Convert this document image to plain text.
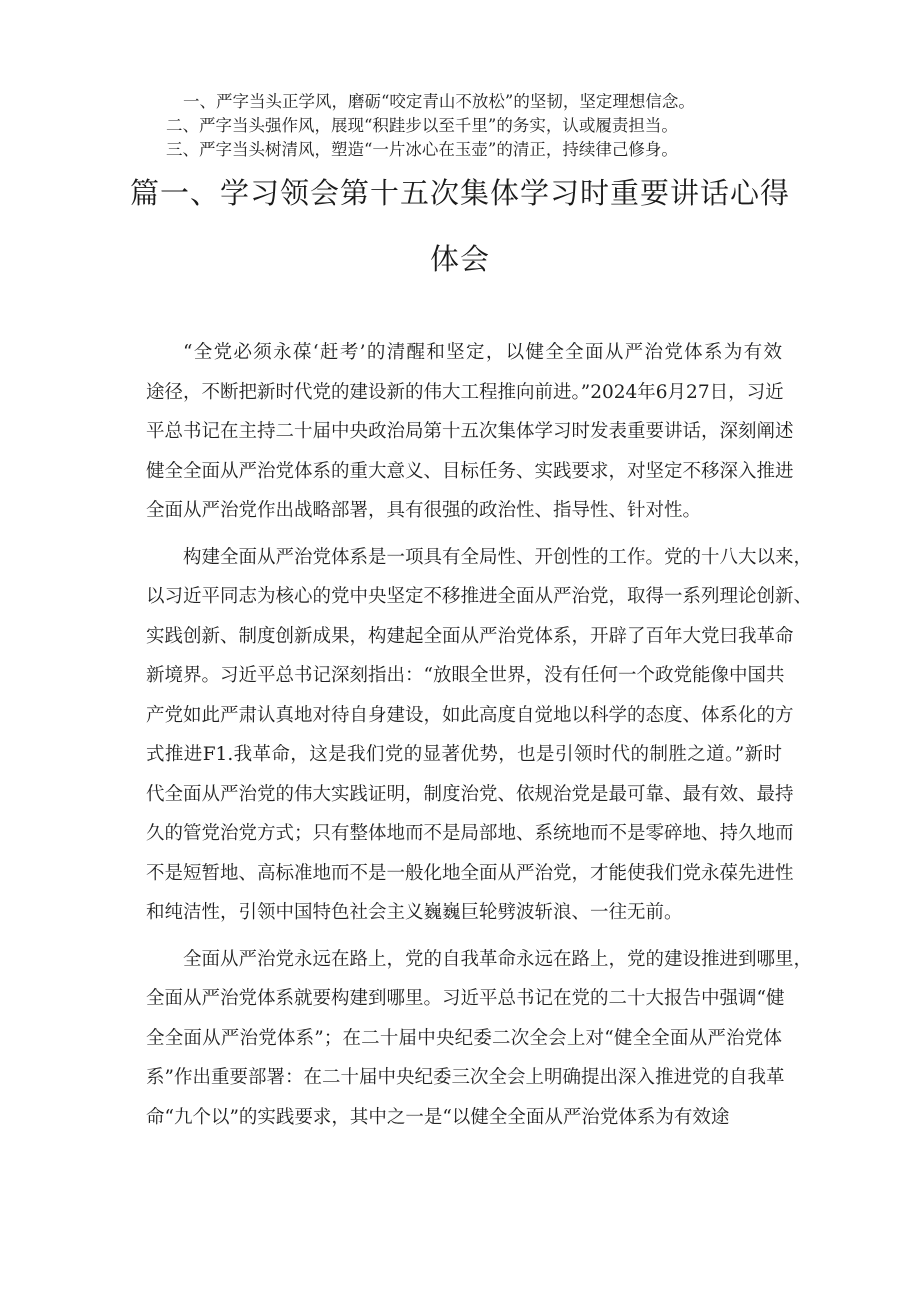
一、严字当头正学风，磨砺“咬定青山不放松”的坚韧，坚定理想信念。
二、严字当头强作风，展现“积跬步以至千里”的务实，认或履责担当。
三、严字当头树清风，塑造“一片冰心在玉壶”的清正，持续律己修身。
篇一、学习领会第十五次集体学习时重要讲话心得
体会

“全党必须永葆‘赶考’的清醒和坚定，以健全全面从严治党体系为有效
途径，不断把新时代党的建设新的伟大工程推向前进。”2024年6月27日，习近
平总书记在主持二十届中央政治局第十五次集体学习时发表重要讲话，深刻阐述
健全全面从严治党体系的重大意义、目标任务、实践要求，对坚定不移深入推进
全面从严治党作出战略部署，具有很强的政治性、指导性、针对性。

构建全面从严治党体系是一项具有全局性、开创性的工作。党的十八大以来，
以习近平同志为核心的党中央坚定不移推进全面从严治党，取得一系列理论创新、
实践创新、制度创新成果，构建起全面从严治党体系，开辟了百年大党曰我革命
新境界。习近平总书记深刻指出：“放眼全世界，没有任何一个政党能像中国共
产党如此严肃认真地对待自身建设，如此高度自觉地以科学的态度、体系化的方
式推进F1.我革命，这是我们党的显著优势，也是引领时代的制胜之道。”新时
代全面从严治党的伟大实践证明，制度治党、依规治党是最可靠、最有效、最持
久的管党治党方式；只有整体地而不是局部地、系统地而不是零碎地、持久地而
不是短暂地、高标准地而不是一般化地全面从严治党，才能使我们党永葆先进性
和纯洁性，引领中国特色社会主义巍巍巨轮劈波斩浪、一往无前。

全面从严治党永远在路上，党的自我革命永远在路上，党的建设推进到哪里，
全面从严治党体系就要构建到哪里。习近平总书记在党的二十大报告中强调“健
全全面从严治党体系”；在二十届中央纪委二次全会上对“健全全面从严治党体
系”作出重要部署：在二十届中央纪委三次全会上明确提出深入推进党的自我革
命“九个以”的实践要求，其中之一是“以健全全面从严治党体系为有效途
